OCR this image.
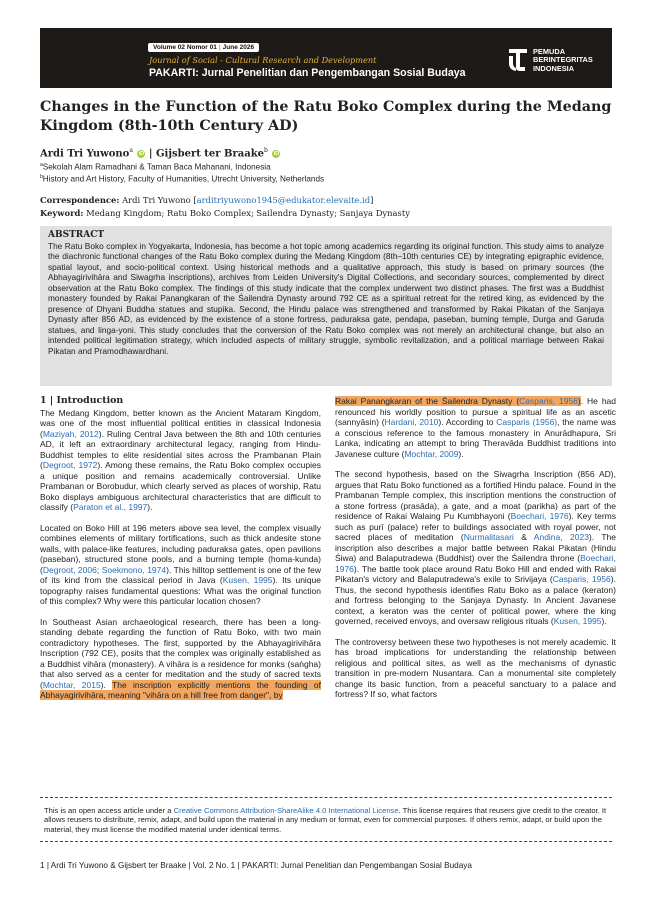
Volume 02 Nomor 01 | June 2026
Journal of Social - Cultural Research and Development
PAKARTI: Jurnal Penelitian dan Pengembangan Sosial Budaya
PEMUDA BERINTEGRITAS INDONESIA
Changes in the Function of the Ratu Boko Complex during the Medang Kingdom (8th-10th Century AD)
Ardi Tri Yuwono$^a$ iD | Gijsbert ter Braake$^b$ iD
$^a$Sekolah Alam Ramadhani & Taman Baca Mahanani, Indonesia
$^b$History and Art History, Faculty of Humanities, Utrecht University, Netherlands
Correspondence: Ardi Tri Yuwono [arditriyuwono1945@edukator.elevaite.id]
Keyword: Medang Kingdom; Ratu Boko Complex; Sailendra Dynasty; Sanjaya Dynasty
ABSTRACT
The Ratu Boko complex in Yogyakarta, Indonesia, has become a hot topic among academics regarding its original function. This study aims to analyze the diachronic functional changes of the Ratu Boko complex during the Medang Kingdom (8th–10th centuries CE) by integrating epigraphic evidence, spatial layout, and socio-political context. Using historical methods and a qualitative approach, this study is based on primary sources (the Abhayagirivihāra and Siwagrha inscriptions), archives from Leiden University's Digital Collections, and secondary sources, complemented by direct observation at the Ratu Boko complex. The findings of this study indicate that the complex underwent two distinct phases. The first was a Buddhist monastery founded by Rakai Panangkaran of the Śailendra Dynasty around 792 CE as a spiritual retreat for the retired king, as evidenced by the presence of Dhyani Buddha statues and stupika. Second, the Hindu palace was strengthened and transformed by Rakai Pikatan of the Sanjaya Dynasty after 856 AD, as evidenced by the existence of a stone fortress, paduraksa gate, pendapa, paseban, burning temple, Durga and Garuda statues, and linga-yoni. This study concludes that the conversion of the Ratu Boko complex was not merely an architectural change, but also an intended political legitimation strategy, which included aspects of military struggle, symbolic revitalization, and a political marriage between Rakai Pikatan and Pramodhawardhani.
1 | Introduction

The Medang Kingdom, better known as the Ancient Mataram Kingdom, was one of the most influential political entities in classical Indonesia (Maziyah, 2012). Ruling Central Java between the 8th and 10th centuries AD, it left an extraordinary architectural legacy, ranging from Hindu-Buddhist temples to elite residential sites across the Prambanan Plain (Degroot, 1972). Among these remains, the Ratu Boko complex occupies a unique position and remains academically controversial. Unlike Prambanan or Borobudur, which clearly served as places of worship, Ratu Boko displays ambiguous architectural characteristics that are difficult to classify (Paraton et al., 1997).

Located on Boko Hill at 196 meters above sea level, the complex visually combines elements of military fortifications, such as thick andesite stone walls, with palace-like features, including paduraksa gates, open pavilions (paseban), structured stone pools, and a burning temple (homa-kunda) (Degroot, 2006; Soekmono, 1974). This hilltop settlement is one of the few of its kind from the classical period in Java (Kusen, 1995). Its unique topography raises fundamental questions: What was the original function of this complex? Why were this particular location chosen?

In Southeast Asian archaeological research, there has been a long-standing debate regarding the function of Ratu Boko, with two main contradictory hypotheses. The first, supported by the Abhayagirivihāra Inscription (792 CE), posits that the complex was originally established as a Buddhist vihāra (monastery). A vihāra is a residence for monks (saṅgha) that also served as a center for meditation and the study of sacred texts (Mochtar, 2015). The inscription explicitly mentions the founding of Abhayagirivihāra, meaning "vihāra on a hill free from danger", by

Rakai Panangkaran of the Śailendra Dynasty (Casparis, 1956). He had renounced his worldly position to pursue a spiritual life as an ascetic (sannyāsin) (Hardani, 2010). According to Casparis (1956), the name was a conscious reference to the famous monastery in Anurādhapura, Sri Lanka, indicating an attempt to bring Theravāda Buddhist traditions into Javanese culture (Mochtar, 2009).

The second hypothesis, based on the Siwagrha Inscription (856 AD), argues that Ratu Boko functioned as a fortified Hindu palace. Found in the Prambanan Temple complex, this inscription mentions the construction of a stone fortress (prasāda), a gate, and a moat (parikha) as part of the residence of Rakai Walaing Pu Kumbhayoni (Boechari, 1976). Key terms such as purī (palace) refer to buildings associated with royal power, not sacred places of meditation (Nurmalitasari & Andina, 2023). The inscription also describes a major battle between Rakai Pikatan (Hindu Śiwa) and Balaputradewa (Buddhist) over the Śailendra throne (Boechari, 1976). The battle took place around Ratu Boko Hill and ended with Rakai Pikatan's victory and Balaputradewa's exile to Srivijaya (Casparis, 1956). Thus, the second hypothesis identifies Ratu Boko as a palace (keraton) and fortress belonging to the Sanjaya Dynasty. In Ancient Javanese context, a keraton was the center of political power, where the king governed, received envoys, and oversaw religious rituals (Kusen, 1995).

The controversy between these two hypotheses is not merely academic. It has broad implications for understanding the relationship between religious and political sites, as well as the mechanisms of dynastic transition in pre-modern Nusantara. Can a monumental site completely change its basic function, from a peaceful sanctuary to a palace and fortress? If so, what factors

This is an open access article under a Creative Commons Attribution-ShareAlike 4.0 International License. This license requires that reusers give credit to the creator. It allows reusers to distribute, remix, adapt, and build upon the material in any medium or format, even for commercial purposes. If others remix, adapt, or build upon the material, they must license the modified material under identical terms.
1 | Ardi Tri Yuwono & Gijsbert ter Braake | Vol. 2 No. 1 | PAKARTI: Jurnal Penelitian dan Pengembangan Sosial Budaya
